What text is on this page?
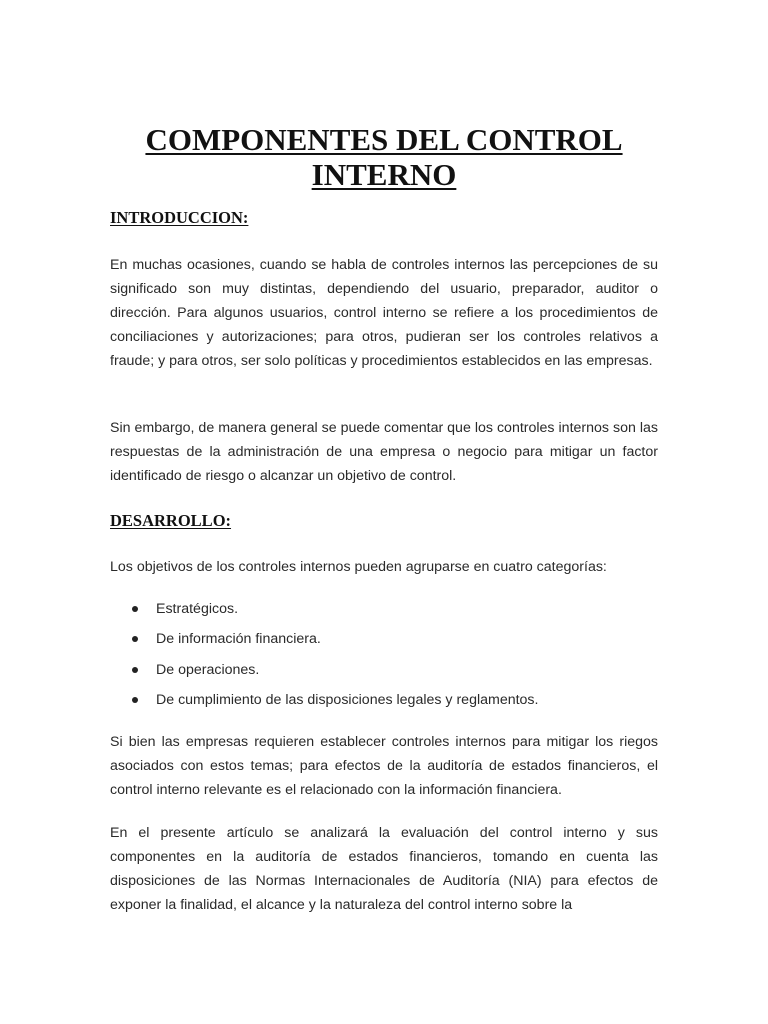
COMPONENTES DEL CONTROL
INTERNO
INTRODUCCION:

En muchas ocasiones, cuando se habla de controles internos las percepciones de su significado son muy distintas, dependiendo del usuario, preparador, auditor o dirección. Para algunos usuarios, control interno se refiere a los procedimientos de conciliaciones y autorizaciones; para otros, pudieran ser los controles relativos a fraude; y para otros, ser solo políticas y procedimientos establecidos en las empresas.

Sin embargo, de manera general se puede comentar que los controles internos son las respuestas de la administración de una empresa o negocio para mitigar un factor identificado de riesgo o alcanzar un objetivo de control.

DESARROLLO:

Los objetivos de los controles internos pueden agruparse en cuatro categorías:

Estratégicos.
De información financiera.
De operaciones.
De cumplimiento de las disposiciones legales y reglamentos.

Si bien las empresas requieren establecer controles internos para mitigar los riegos asociados con estos temas; para efectos de la auditoría de estados financieros, el control interno relevante es el relacionado con la información financiera.

En el presente artículo se analizará la evaluación del control interno y sus componentes en la auditoría de estados financieros, tomando en cuenta las disposiciones de las Normas Internacionales de Auditoría (NIA) para efectos de exponer la finalidad, el alcance y la naturaleza del control interno sobre la
